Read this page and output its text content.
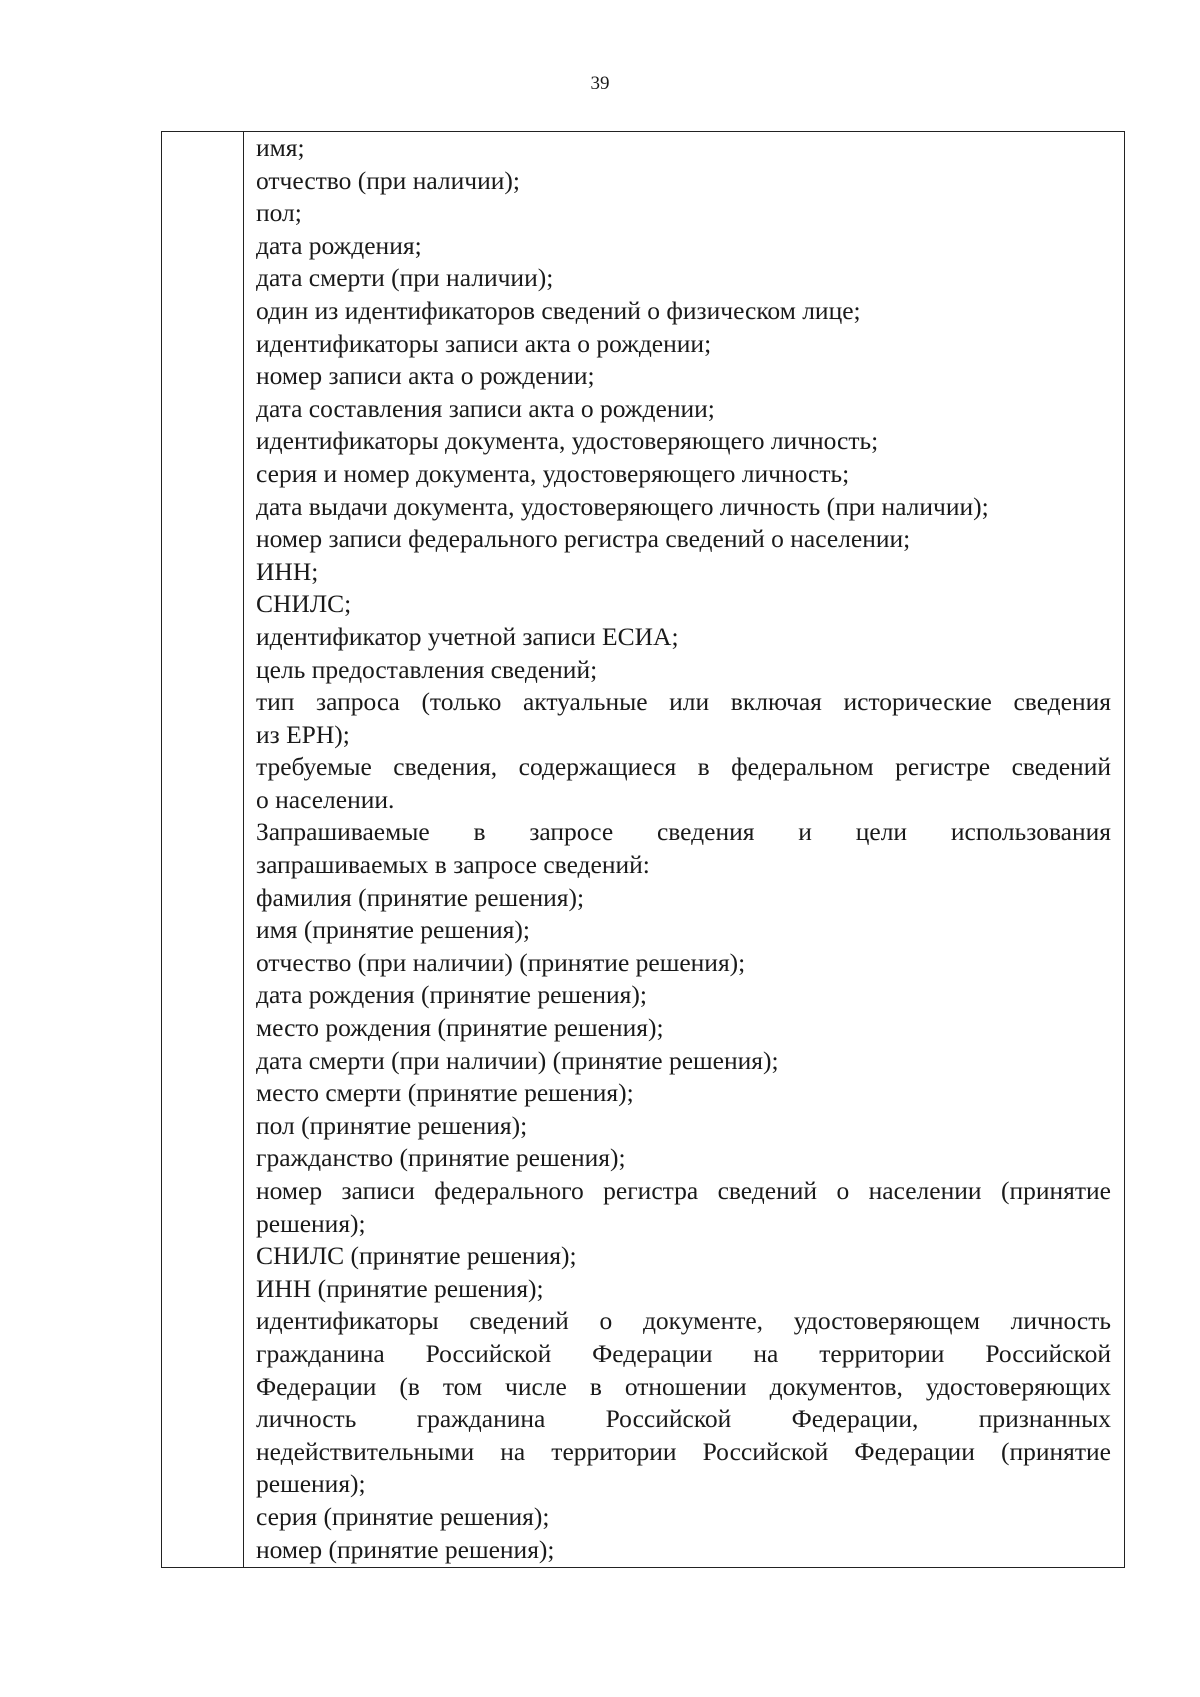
39
имя;
отчество (при наличии);
пол;
дата рождения;
дата смерти (при наличии);
один из идентификаторов сведений о физическом лице;
идентификаторы записи акта о рождении;
номер записи акта о рождении;
дата составления записи акта о рождении;
идентификаторы документа, удостоверяющего личность;
серия и номер документа, удостоверяющего личность;
дата выдачи документа, удостоверяющего личность (при наличии);
номер записи федерального регистра сведений о населении;
ИНН;
СНИЛС;
идентификатор учетной записи ЕСИА;
цель предоставления сведений;
тип запроса (только актуальные или включая исторические сведения
из ЕРН);
требуемые сведения, содержащиеся в федеральном регистре сведений
о населении.
Запрашиваемые в запросе сведения и цели использования
запрашиваемых в запросе сведений:
фамилия (принятие решения);
имя (принятие решения);
отчество (при наличии) (принятие решения);
дата рождения (принятие решения);
место рождения (принятие решения);
дата смерти (при наличии) (принятие решения);
место смерти (принятие решения);
пол (принятие решения);
гражданство (принятие решения);
номер записи федерального регистра сведений о населении (принятие
решения);
СНИЛС (принятие решения);
ИНН (принятие решения);
идентификаторы сведений о документе, удостоверяющем личность
гражданина Российской Федерации на территории Российской
Федерации (в том числе в отношении документов, удостоверяющих
личность гражданина Российской Федерации, признанных
недействительными на территории Российской Федерации (принятие
решения);
серия (принятие решения);
номер (принятие решения);
